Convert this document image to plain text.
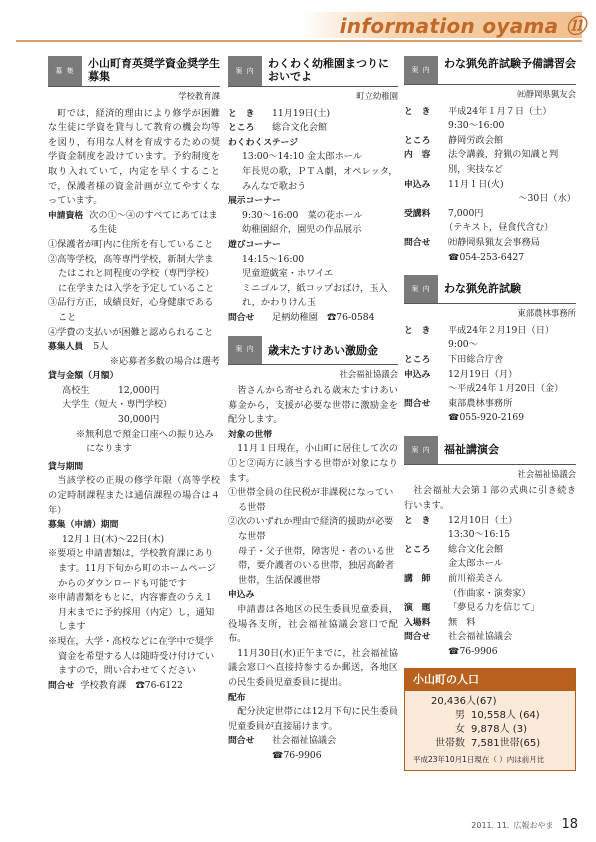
information oyama ⑪
募 集
小山町育英奨学資金奨学生募集
学校教育課
町では，経済的理由により修学が困難な生徒に学資を貸与して教育の機会均等を図り，有用な人材を育成するための奨学資金制度を設けています。予約制度を取り入れていて，内定を早くすることで，保護者様の資金計画が立てやすくなっています。
申請資格 次の①〜④のすべてにあてはまる生徒
①保護者が町内に住所を有していること
②高等学校，高等専門学校，新制大学またはこれと同程度の学校（専門学校）に在学または入学を予定していること
③品行方正，成績良好，心身健康であること
④学費の支払いが困難と認められること
募集人員	5人
※応募者多数の場合は選考
貸与金額（月額）
高校生	12,000円
大学生（短大・専門学校）
30,000円
※無利息で預金口座への振り込みになります
貸与期間
当該学校の正規の修学年限（高等学校の定時制課程または通信課程の場合は４年）
募集（申請）期間
12月１日(木)〜22日(木)
※要項と申請書類は，学校教育課にあります。11月下旬から町のホームページからのダウンロードも可能です
※申請書類をもとに，内容審査のうえ１月末までに予約採用（内定）し，通知します
※現在，大学・高校などに在学中で奨学資金を希望する人は随時受け付けていますので，問い合わせてください
問合せ 学校教育課　☎76-6122
案 内
わくわく幼稚園まつりにおいでよ
町立幼稚園
と　き	11月19日(土)
ところ	総合文化会館
わくわくステージ
13:00〜14:10 金太郎ホール
年長児の歌，ＰＴＡ劇，オペレッタ，みんなで歌おう
展示コーナー
9:30〜16:00　菜の花ホール
幼稚園紹介，園児の作品展示
遊びコーナー
14:15〜16:00
児童遊戯室・ホワイエ
ミニゴルフ，紙コップおばけ，玉入れ，かわりけん玉
問合せ	足柄幼稚園　☎76-0584
案 内	歳末たすけあい激励金
社会福祉協議会
皆さんから寄せられる歳末たすけあい募金から，支援が必要な世帯に激励金を配分します。
対象の世帯
11月１日現在，小山町に居住して次の①と②両方に該当する世帯が対象になります。
①世帯全員の住民税が非課税になっている世帯
②次のいずれか理由で経済的援助が必要な世帯
母子・父子世帯，障害児・者のいる世帯，要介護者のいる世帯，独居高齢者世帯，生活保護世帯
申込み
申請書は各地区の民生委員児童委員，役場各支所，社会福祉協議会窓口で配布。
11月30日(水)正午までに，社会福祉協議会窓口へ直接持参するか郵送，各地区の民生委員児童委員に提出。
配布
配分決定世帯には12月下旬に民生委員児童委員が直接届けます。
問合せ	社会福祉協議会
☎76-9906
案 内	わな猟免許試験予備講習会
㈳静岡県猟友会
と　き	平成24年１月７日（土）
9:30〜16:00
ところ	静岡労政会館
内　容	法令講義，狩猟の知識と判別，実技など
申込み	11月１日(火)
〜30日（水）
受講料	7,000円
（テキスト，昼食代含む）
問合せ	㈳静岡県猟友会事務局
☎054-253-6427
案 内	わな猟免許試験
東部農林事務所
と　き	平成24年２月19日（日）
9:00〜
ところ	下田総合庁舎
申込み	12月19日（月）
〜平成24年１月20日（金）
問合せ	東部農林事務所
☎055-920-2169
案 内	福祉講演会
社会福祉協議会
社会福祉大会第１部の式典に引き続き行います。
と　き	12月10日（土）
13:30〜16:15
ところ	総合文化会館
金太郎ホール
講　師	前川裕美さん
（作曲家・演奏家）
演　題	「夢見る力を信じて」
入場料	無　料
問合せ	社会福祉協議会
☎76-9906
小山町の人口
20,436人(67)
男 10,558人 (64)
女 9,878人 (3)
世帯数 7,581世帯(65)
平成23年10月1日現在（ ）内は前月比
2011. 11. 広報おやま 18
